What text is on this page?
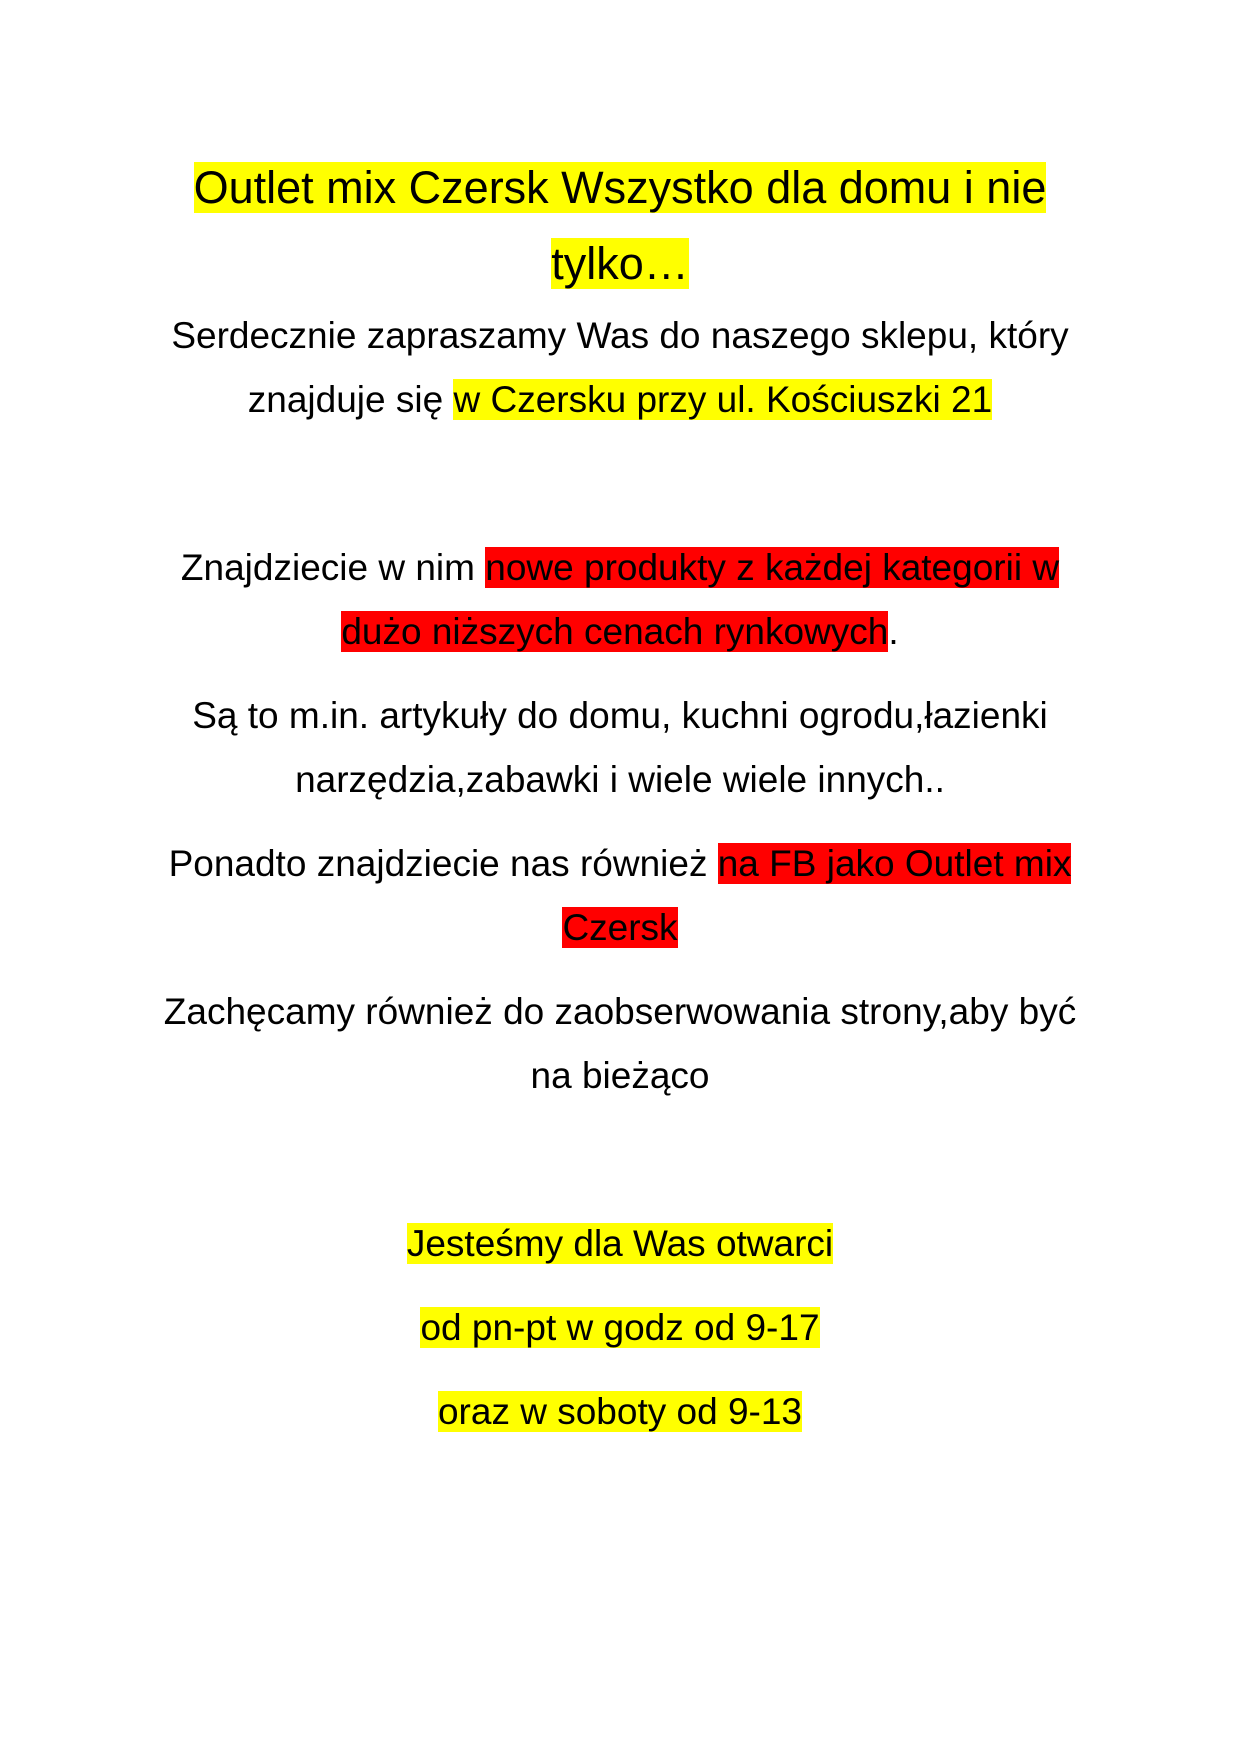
Outlet mix Czersk Wszystko dla domu i nie tylko…

Serdecznie zapraszamy Was do naszego sklepu, który znajduje się w Czersku przy ul. Kościuszki 21

Znajdziecie w nim nowe produkty z każdej kategorii w dużo niższych cenach rynkowych.

Są to m.in. artykuły do domu, kuchni ogrodu,łazienki narzędzia,zabawki i wiele wiele innych..

Ponadto znajdziecie nas również na FB jako Outlet mix Czersk

Zachęcamy również do zaobserwowania strony,aby być na bieżąco

Jesteśmy dla Was otwarci

od pn-pt w godz od 9-17

oraz w soboty od 9-13
